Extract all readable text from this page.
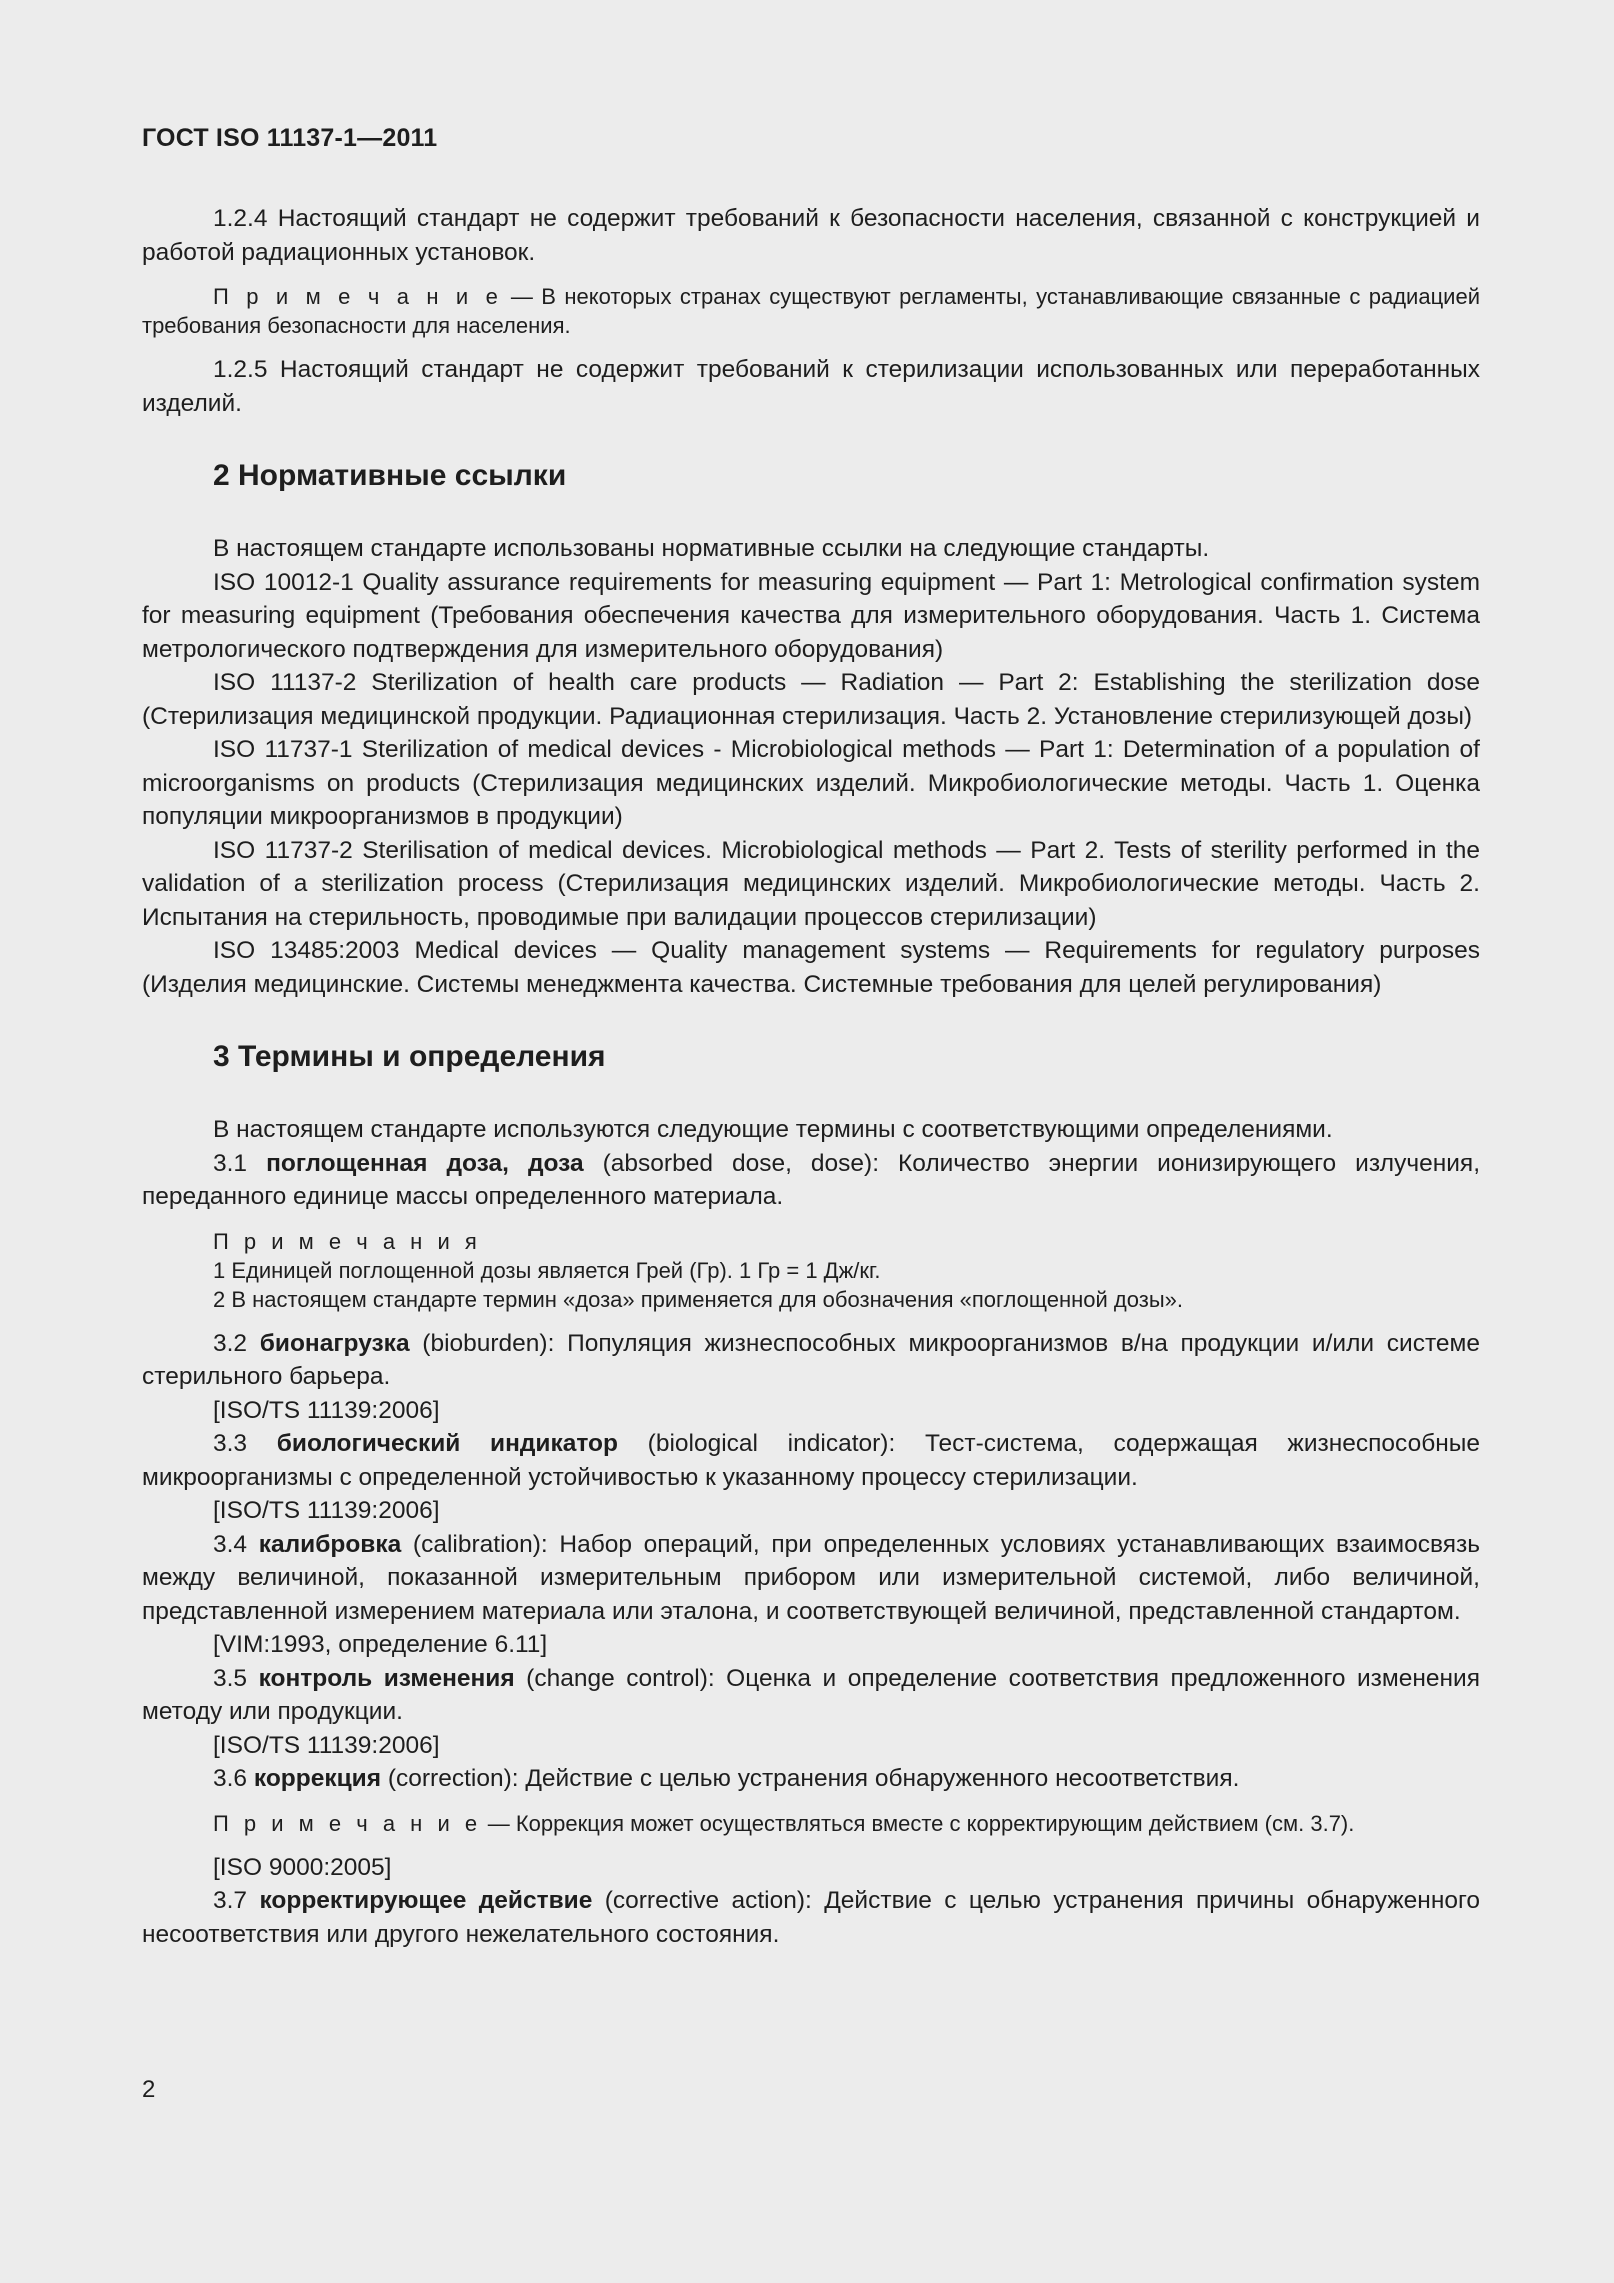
ГОСТ ISO 11137-1—2011

1.2.4 Настоящий стандарт не содержит требований к безопасности населения, связанной с конструкцией и работой радиационных установок.

П р и м е ч а н и е — В некоторых странах существуют регламенты, устанавливающие связанные с радиацией требования безопасности для населения.

1.2.5 Настоящий стандарт не содержит требований к стерилизации использованных или переработанных изделий.

2 Нормативные ссылки

В настоящем стандарте использованы нормативные ссылки на следующие стандарты.

ISO 10012-1 Quality assurance requirements for measuring equipment — Part 1: Metrological confirmation system for measuring equipment (Требования обеспечения качества для измерительного оборудования. Часть 1. Система метрологического подтверждения для измерительного оборудования)

ISO 11137-2 Sterilization of health care products — Radiation — Part 2: Establishing the sterilization dose (Стерилизация медицинской продукции. Радиационная стерилизация. Часть 2. Установление стерилизующей дозы)

ISO 11737-1 Sterilization of medical devices - Microbiological methods — Part 1: Determination of a population of microorganisms on products (Стерилизация медицинских изделий. Микробиологические методы. Часть 1. Оценка популяции микроорганизмов в продукции)

ISO 11737-2 Sterilisation of medical devices. Microbiological methods — Part 2. Tests of sterility performed in the validation of a sterilization process (Стерилизация медицинских изделий. Микробиологические методы. Часть 2. Испытания на стерильность, проводимые при валидации процессов стерилизации)

ISO 13485:2003 Medical devices — Quality management systems — Requirements for regulatory purposes (Изделия медицинские. Системы менеджмента качества. Системные требования для целей регулирования)

3 Термины и определения

В настоящем стандарте используются следующие термины с соответствующими определениями.

3.1 поглощенная доза, доза (absorbed dose, dose): Количество энергии ионизирующего излучения, переданного единице массы определенного материала.

П р и м е ч а н и я
1 Единицей поглощенной дозы является Грей (Гр). 1 Гр = 1 Дж/кг.
2 В настоящем стандарте термин «доза» применяется для обозначения «поглощенной дозы».

3.2 бионагрузка (bioburden): Популяция жизнеспособных микроорганизмов в/на продукции и/или системе стерильного барьера.

[ISO/TS 11139:2006]

3.3 биологический индикатор (biological indicator): Тест-система, содержащая жизнеспособные микроорганизмы с определенной устойчивостью к указанному процессу стерилизации.

[ISO/TS 11139:2006]

3.4 калибровка (calibration): Набор операций, при определенных условиях устанавливающих взаимосвязь между величиной, показанной измерительным прибором или измерительной системой, либо величиной, представленной измерением материала или эталона, и соответствующей величиной, представленной стандартом.

[VIM:1993, определение 6.11]

3.5 контроль изменения (change control): Оценка и определение соответствия предложенного изменения методу или продукции.

[ISO/TS 11139:2006]

3.6 коррекция (correction): Действие с целью устранения обнаруженного несоответствия.

П р и м е ч а н и е — Коррекция может осуществляться вместе с корректирующим действием (см. 3.7).

[ISO 9000:2005]

3.7 корректирующее действие (corrective action): Действие с целью устранения причины обнаруженного несоответствия или другого нежелательного состояния.

2
